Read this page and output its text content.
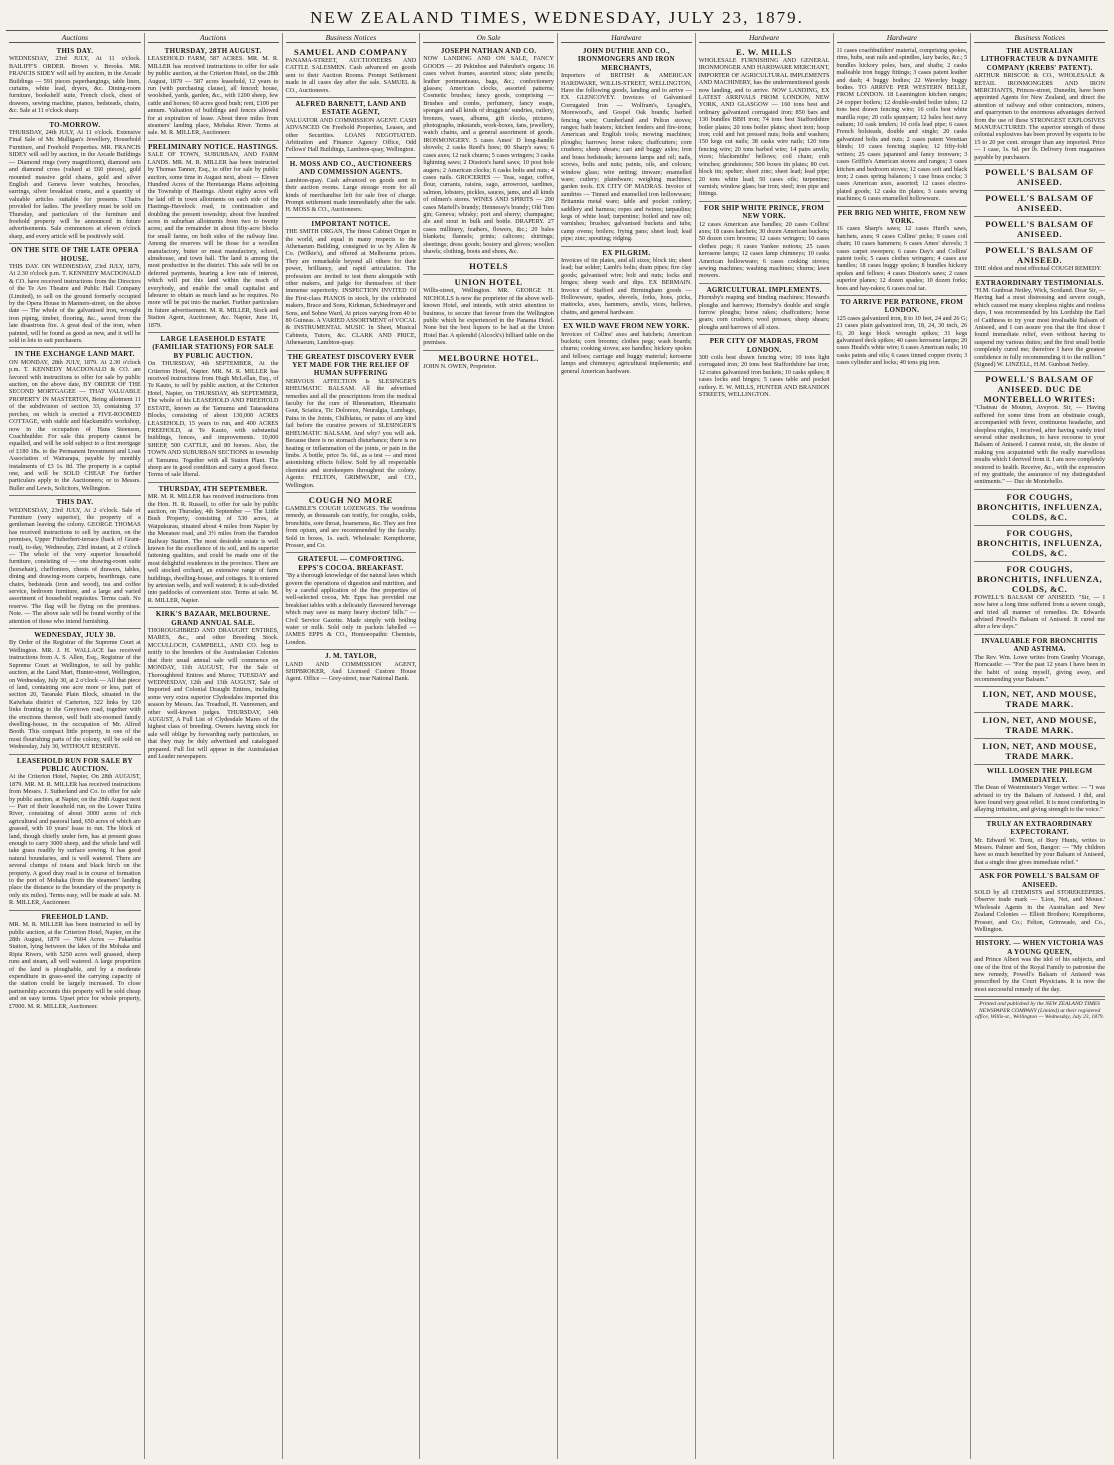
NEW ZEALAND TIMES, WEDNESDAY, JULY 23, 1879.
Auctions
THIS DAY.

WEDNESDAY, 23rd JULY, At 11 o'clock. BAILIFF'S ORDER. Brown v. Brooks. MR. FRANCIS SIDEY will sell by auction, in the Arcade Buildings — 591 pieces paperhangings, table linen, curtains, white lead, dryers, &c. Dining-room furniture, bookshelf suite, French clock, chest of drawers, sewing machine, pianos, bedsteads, chairs, &c. Sale at 11 o'clock sharp.

TO-MORROW.

THURSDAY, 24th JULY, At 11 o'clock. Extensive Final Sale of Mr. Mulligan's Jewellery, Household Furniture, and Freehold Properties. MR. FRANCIS SIDEY will sell by auction, in the Arcade Buildings — Diamond rings (very magnificent), diamond sets and diamond cross (valued at £60 pieces), gold mounted massive gold chains, gold and silver English and Geneva lever watches, brooches, earrings, silver breakfast cruets, and a quantity of valuable articles suitable for presents. Chairs provided for ladies. The jewellery must be sold on Thursday, and particulars of the furniture and freehold property will be announced in future advertisements. Sale commences at eleven o'clock sharp, and every article will be positively sold.

ON THE SITE OF THE LATE OPERA HOUSE.

THIS DAY. ON WEDNESDAY, 23rd JULY, 1879, At 2.30 o'clock p.m. T. KENNEDY MACDONALD & CO. have received instructions from the Directors of the Te Aro Theatre and Public Hall Company (Limited), to sell on the ground formerly occupied by the Opera House in Manners-street, on the above date — The whole of the galvanised iron, wrought iron piping, timber, flooring, &c., saved from the late disastrous fire. A great deal of the iron, when painted, will be found as good as new, and it will be sold in lots to suit purchasers.

IN THE EXCHANGE LAND MART.

ON MONDAY, 28th JULY, 1879. At 2.30 o'clock p.m. T. KENNEDY MACDONALD & CO. are favored with instructions to offer for sale by public auction, on the above date, BY ORDER OF THE SECOND MORTGAGEE — THAT VALUABLE PROPERTY IN MASTERTON, Being allotment 11 of the subdivision of section 33, containing 37 perches, on which is erected a FIVE-ROOMED COTTAGE, with stable and blacksmith's workshop, now in the occupation of Hans Steenson, Coachbuilder. For sale this property cannot be equalled, and will be sold subject to a first mortgage of £180 18s. to the Permanent Investment and Loan Association of Wairarapa, payable by monthly instalments of £3 1s. 8d. The property is a capital one, and will be SOLD CHEAP. For further particulars apply to the Auctioneers; or to Messrs. Buller and Lewis, Solicitors, Wellington.

THIS DAY.

WEDNESDAY, 23rd JULY, At 2 o'clock. Sale of Furniture (very superior), the property of a gentleman leaving the colony. GEORGE THOMAS has received instructions to sell by auction, on the premises, Upper Fitzherbert-terrace (back of Grant-road), to-day, Wednesday, 23rd instant, at 2 o'clock — The whole of the very superior household furniture, consisting of — one drawing-room suite (horsehair), cheffoniers, chests of drawers, tables, dining and drawing-room carpets, hearthrugs, cane chairs, bedsteads (iron and wood), tea and coffee service, bedroom furniture, and a large and varied assortment of household requisites. Terms cash. No reserve. The flag will be flying on the premises. Note. — The above sale will be found worthy of the attention of those who intend furnishing.

WEDNESDAY, JULY 30.

By Order of the Registrar of the Supreme Court at Wellington. MR. J. H. WALLACE has received instructions from A. S. Allen, Esq., Registrar of the Supreme Court at Wellington, to sell by public auction, at the Land Mart, Hunter-street, Wellington, on Wednesday, July 30, at 2 o'clock — All that piece of land, containing one acre more or less, part of section 20, Taranaki Plain Block, situated in the Kaiwhata district of Carterton, 322 links by 120 links fronting to the Greytown road, together with the erections thereon, well built six-roomed family dwelling-house, in the occupation of Mr. Alfred Booth. This compact little property, in one of the most flourishing parts of the colony, will be sold on Wednesday, July 30, WITHOUT RESERVE.

LEASEHOLD RUN FOR SALE BY PUBLIC AUCTION.

At the Criterion Hotel, Napier, On 28th AUGUST, 1879. MR. M. R. MILLER has received instructions from Messrs. J. Sutherland and Co. to offer for sale by public auction, at Napier, on the 28th August next — Part of their leasehold run, on the Lower Tutira River, consisting of about 3000 acres of rich agricultural and pastoral land, 650 acres of which are grassed, with 10 years' lease to run. The block of land, though chiefly under fern, has at present grass enough to carry 3000 sheep, and the whole land will take grass readily by surface sowing. It has good natural boundaries, and is well watered. There are several clumps of totara and black birch on the property. A good dray road is in course of formation to the port of Mohaka (from the steamers' landing place the distance to the boundary of the property is only six miles). Terms easy, will be made at sale. M. R. MILLER, Auctioneer.

FREEHOLD LAND.

MR. M. R. MILLER has been instructed to sell by public auction, at the Criterion Hotel, Napier, on the 28th August, 1879 — 7604 Acres — Pakaehia Station, lying between the lakes of the Mohaka and Ripia Rivers, with 5250 acres well grassed, sheep runs and steam, all well watered. A large proportion of the land is ploughable, and by a moderate expenditure in grass-seed the carrying capacity of the station could be largely increased. To close partnership accounts this property will be sold cheap and on easy terms. Upset price for whole property, £7000. M. R. MILLER, Auctioneer.

Auctions
THURSDAY, 28TH AUGUST.

LEASEHOLD FARM, 587 ACRES. MR. M. R. MILLER has received instructions to offer for sale by public auction, at the Criterion Hotel, on the 28th August, 1879 — 587 acres leasehold, 12 years to run (with purchasing clause), all fenced; house, woolshed, yards, garden, &c., with 1200 sheep, few cattle and horses; 60 acres good bush; rent, £100 per annum. Valuation of buildings and fences allowed for at expiration of lease. About three miles from steamers' landing place, Mohaka River. Terms at sale. M. R. MILLER, Auctioneer.

PRELIMINARY NOTICE. HASTINGS.

SALE OF TOWN, SUBURBAN, AND FARM LANDS. MR. M. R. MILLER has been instructed by Thomas Tanner, Esq., to offer for sale by public auction, some time in August next, about — Eleven Hundred Acres of the Heretaunga Plains adjoining the Township of Hastings. About eighty acres will be laid off in town allotments on each side of the Hastings-Havelock road, in continuation and doubling the present township; about five hundred acres in suburban allotments from two to twenty acres; and the remainder in about fifty-acre blocks for small farms, on both sides of the railway line. Among the reserves will be those for a woollen manufactory, butter or meat manufactory, school, almshouse, and town hall. The land is among the most productive in the district. This sale will be on deferred payments, bearing a low rate of interest, which will put this land within the reach of everybody, and enable the small capitalist and labourer to obtain as much land as he requires. No more will be put into the market. Further particulars in future advertisement. M. R. MILLER, Stock and Station Agent, Auctioneer, &c. Napier, June 16, 1879.

LARGE LEASEHOLD ESTATE (FAMILIAR STATIONS) FOR SALE BY PUBLIC AUCTION.

On THURSDAY, 4th SEPTEMBER, At the Criterion Hotel, Napier. MR. M. R. MILLER has received instructions from Hugh McLellan, Esq., of Te Kauto, to sell by public auction, at the Criterion Hotel, Napier, on THURSDAY, 4th SEPTEMBER, The whole of his LEASEHOLD AND FREEHOLD ESTATE, known as the Tamumu and Tataraakina Blocks, consisting of about 130,000 ACRES LEASEHOLD, 15 years to run, and 400 ACRES FREEHOLD, at Te Kauto, with substantial buildings, fences, and improvements. 10,000 SHEEP, 500 CATTLE, and 80 horses. Also, the TOWN AND SUBURBAN SECTIONS in township of Tamumu. Together with all Station Plant. The sheep are in good condition and carry a good fleece. Terms of sale liberal.

THURSDAY, 4TH SEPTEMBER.

MR. M. R. MILLER has received instructions from the Hon. H. R. Russell, to offer for sale by public auction, on Thursday, 4th September — The Little Bush Property, consisting of 530 acres, at Waipukurau, situated about 4 miles from Napier by the Meeanee road, and 3½ miles from the Farndon Railway Station. The most desirable estate is well known for the excellence of its soil, and its superior fattening qualities, and could be made one of the most delightful residences in the province. There are well stocked orchard, an extensive range of farm buildings, dwelling-house, and cottages. It is entered by artesian wells, and well watered; it is sub-divided into paddocks of convenient size. Terms at sale. M. R. MILLER, Napier.

KIRK'S BAZAAR, MELBOURNE. GRAND ANNUAL SALE.

THOROUGHBRED AND DRAUGHT ENTIRES, MARES, &c., and other Breeding Stock. MCCULLOCH, CAMPBELL, AND CO. beg to notify to the breeders of the Australasian Colonies that their usual annual sale will commence on MONDAY, 11th AUGUST, For the Sale of Thoroughbred Entires and Mares; TUESDAY and WEDNESDAY, 12th and 13th AUGUST, Sale of Imported and Colonial Draught Entires, including some very extra superior Clydesdales imported this season by Messrs. Jas. Treadrail, H. Vanreenen, and other well-known judges. THURSDAY, 14th AUGUST, A Full List of Clydesdale Mares of the highest class of breeding. Owners having stock for sale will oblige by forwarding early particulars, so that they may be duly advertised and catalogued prepared. Full list will appear in the Australasian and Leader newspapers.

Business Notices
SAMUEL AND COMPANY

PANAMA-STREET, AUCTIONEERS AND CATTLE SALESMEN. Cash advanced on goods sent to their Auction Rooms. Prompt Settlement made in all cases day after the sale. SAMUEL & CO., Auctioneers.

ALFRED BARNETT, LAND AND ESTATE AGENT,

VALUATOR AND COMMISSION AGENT. CASH ADVANCED On Freehold Properties, Leases, and other Securities. LOANS NEGOTIATED. Arbitration and Finance Agency Office, Odd Fellows' Hall Buildings, Lambton-quay, Wellington.

H. MOSS AND CO., AUCTIONEERS AND COMMISSION AGENTS.

Lambton-quay. Cash advanced on goods sent to their auction rooms. Large storage room for all kinds of merchandise left for sale free of charge. Prompt settlement made immediately after the sale. H. MOSS & CO., Auctioneers.

IMPORTANT NOTICE.

THE SMITH ORGAN, The finest Cabinet Organ in the world, and equal in many respects to the Athenaeum Building, consigned to us by Allen & Co. (Wilkie's), and offered at Melbourne prices. They are remarkable beyond all others for their power, brilliancy, and rapid articulation. The profession are invited to test them alongside with other makers, and judge for themselves of their immense superiority. INSPECTION INVITED Of the First-class PIANOS in stock, by the celebrated makers, Brace and Sons, Kirkman, Schiedmayer and Sons, and Sohne Ward, At prices varying from 40 to 80 Guineas. A VARIED ASSORTMENT of VOCAL & INSTRUMENTAL MUSIC In Sheet, Musical Cabinets, Tutors, &c. CLARK AND PRICE, Athenaeum, Lambton-quay.

THE GREATEST DISCOVERY EVER YET MADE FOR THE RELIEF OF HUMAN SUFFERING

NERVOUS AFFECTION is SLESINGER'S RHEUMATIC BALSAM. All the advertised remedies and all the prescriptions from the medical faculty for the cure of Rheumatism, Rheumatic Gout, Sciatica, Tic Doloreux, Neuralgia, Lumbago, Pains in the Joints, Chilblains, or pains of any kind fail before the curative powers of SLESINGER'S RHEUMATIC BALSAM. And why? you will ask. Because there is no stomach disturbance; there is no heating or inflammation of the joints, or pain in the limbs. A bottle, price 5s. 6d., as a test — and most astonishing effects follow. Sold by all respectable chemists and storekeepers throughout the colony. Agents: FELTON, GRIMWADE, and CO., Wellington.

COUGH NO MORE

GAMBLE'S COUGH LOZENGES. The wondrous remedy, as thousands can testify, for coughs, colds, bronchitis, sore throat, hoarseness, &c. They are free from opium, and are recommended by the faculty. Sold in boxes, 1s. each. Wholesale: Kempthorne, Prosser, and Co.

GRATEFUL — COMFORTING. EPPS'S COCOA. BREAKFAST.

"By a thorough knowledge of the natural laws which govern the operations of digestion and nutrition, and by a careful application of the fine properties of well-selected cocoa, Mr. Epps has provided our breakfast tables with a delicately flavoured beverage which may save us many heavy doctors' bills." — Civil Service Gazette. Made simply with boiling water or milk. Sold only in packets labelled — JAMES EPPS & CO., Homoeopathic Chemists, London.

J. M. TAYLOR,

LAND AND COMMISSION AGENT, SHIPBROKER, And Licensed Custom House Agent. Office — Grey-street, near National Bank.

On Sale
JOSEPH NATHAN AND CO.

NOW LANDING AND ON SALE, FANCY GOODS — 20 Pekinhoe and Pahrubet's organs; 16 cases velvet frames, assorted sizes; slate pencils; leather portmanteaus, bags, &c.; confectionery glasses; American clocks, assorted patterns; Cosmetic brushes; fancy goods, comprising — Brushes and combs, perfumery, fancy soaps, sponges and all kinds of druggists' sundries, cutlery, bronzes, vases, albums, gift clocks, pictures, photographs, inkstands, work-boxes, fans, jewellery, watch chains, and a general assortment of goods. IRONMONGERY. 5 cases Ames' D long-handle shovels; 2 casks Reed's hoes; 80 Sharp's saws; 6 cases axes; 12 rack churns; 5 cases wringers; 3 casks lightning saws; 2 Disston's hand saws; 10 post hole augers; 2 American clocks; 6 casks bolts and nuts; 4 cases nails. GROCERIES — Teas, sugar, coffee, flour, currants, raisins, sago, arrowroot, sardines, salmon, lobsters, pickles, sauces, jams, and all kinds of oilmen's stores. WINES AND SPIRITS — 200 cases Martell's brandy; Hennessy's brandy; Old Tom gin; Geneva; whisky; port and sherry; champagne; ale and stout in bulk and bottle. DRAPERY. 27 cases millinery, feathers, flowers, &c.; 20 bales blankets; flannels; prints; calicoes; shirtings; sheetings; dress goods; hosiery and gloves; woollen shawls; clothing, boots and shoes, &c.

HOTELS
UNION HOTEL

Willis-street, Wellington. MR. GEORGE H. NICHOLLS is now the proprietor of the above well-known Hotel, and intends, with strict attention to business, to secure that favour from the Wellington public which he experienced in the Panama Hotel. None but the best liquors to be had at the Union Hotel Bar. A splendid (Alcock's) billiard table on the premises.

MELBOURNE HOTEL.

JOHN N. OWEN, Proprietor.

Hardware
JOHN DUTHIE AND CO., IRONMONGERS AND IRON MERCHANTS,

Importers of BRITISH & AMERICAN HARDWARE, WILLIS-STREET, WELLINGTON, Have the following goods, landing and to arrive — EX GLENCOVEY. Invoices of Galvanised Corrugated Iron — Wolfram's, Lysaght's, Morewood's, and Gospel Oak brands; barbed fencing wire; Cumberland and Pelton stoves; ranges; bath heaters; kitchen fenders and fire-irons; American and English tools; mowing machines; ploughs; harrows; horse rakes; chaffcutters; corn crushers; sheep shears; cart and buggy axles; iron and brass bedsteads; kerosene lamps and oil; nails, screws, bolts and nuts; paints, oils, and colours; window glass; wire netting; tinware; enamelled ware; cutlery; platedware; weighing machines; garden tools. EX CITY OF MADRAS. Invoice of sundries — Tinned and enamelled iron hollowware; Britannia metal ware; table and pocket cutlery; saddlery and harness; ropes and twines; tarpaulins; kegs of white lead; turpentine; boiled and raw oil; varnishes; brushes; galvanised buckets and tubs; camp ovens; boilers; frying pans; sheet lead; lead pipe; zinc; spouting; ridging.

EX PILGRIM.

Invoices of tin plates, and all sizes; block tin; sheet lead; bar solder; Lamb's bolts; drain pipes; fire clay goods; galvanised wire; bolt and nuts; locks and hinges; sheep wash and dips. EX BERMAIN. Invoice of Stafford and Birmingham goods — Hollowware, spades, shovels, forks, hoes, picks, mattocks, axes, hammers, anvils, vices, bellows, chains, and general hardware.

EX WILD WAVE FROM NEW YORK.

Invoices of Collins' axes and hatchets; American buckets; corn brooms; clothes pegs; wash boards; churns; cooking stoves; axe handles; hickory spokes and felloes; carriage and buggy material; kerosene lamps and chimneys; agricultural implements; and general American hardware.

Hardware
E. W. MILLS

WHOLESALE FURNISHING AND GENERAL IRONMONGER AND HARDWARE MERCHANT, IMPORTER OF AGRICULTURAL IMPLEMENTS AND MACHINERY, has the undermentioned goods now landing, and to arrive. NOW LANDING, EX LATEST ARRIVALS FROM LONDON, NEW YORK, AND GLASGOW — 160 tons best and ordinary galvanized corrugated iron; 850 bars and 130 bundles BBH iron; 74 tons best Staffordshire boiler plates; 20 tons boiler plates; sheet iron; hoop iron; cold and hot pressed nuts; bolts and washers; 150 kegs cut nails; 38 casks wire nails; 120 tons fencing wire; 20 tons barbed wire; 14 pairs anvils; vices; blacksmiths' bellows; coil chain; crab winches; grindstones; 500 boxes tin plates; 80 cwt. block tin; spelter; sheet zinc; sheet lead; lead pipe; 20 tons white lead; 50 cases oils; turpentine; varnish; window glass; bar iron; steel; iron pipe and fittings.

FOR SHIP WHITE PRINCE, FROM NEW YORK.

12 cases American axe handles; 20 cases Collins' axes; 18 cases hatchets; 30 dozen American buckets; 50 dozen corn brooms; 12 cases wringers; 10 cases clothes pegs; 6 cases Yankee notions; 25 cases kerosene lamps; 12 cases lamp chimneys; 10 casks American hollowware; 6 cases cooking stoves; sewing machines; washing machines; churns; lawn mowers.

AGRICULTURAL IMPLEMENTS.

Hornsby's reaping and binding machines; Howard's ploughs and harrows; Hornsby's double and single furrow ploughs; horse rakes; chaffcutters; horse gears; corn crushers; wool presses; sheep shears; ploughs and harrows of all sizes.

PER CITY OF MADRAS, FROM LONDON.

300 coils best drawn fencing wire; 10 tons light corrugated iron; 20 tons best Staffordshire bar iron; 12 crates galvanized iron buckets; 10 casks spikes; 8 cases locks and hinges; 5 cases table and pocket cutlery. E. W. MILLS, HUNTER AND BRANDON STREETS, WELLINGTON.

Hardware

11 cases coachbuilders' material, comprising spokes, rims, hubs, seat rails and spindles, lazy backs, &c.; 5 bundles hickory poles, bars, and shafts; 2 casks malleable iron buggy fittings; 3 cases patent leather and dash; 4 buggy bodies; 22 Waverley buggy bodies. TO ARRIVE PER WESTERN BELLE, FROM LONDON. 18 Leamington kitchen ranges; 24 copper boilers; 12 double-ended boiler tubes; 12 tons best drawn fencing wire; 16 coils best white manilla rope; 20 coils spunyarn; 12 bales best navy oakum; 10 cask tenders; 10 coils lead pipe; 6 cases French bolsteads, double and single; 20 casks galvanized bolts and nuts; 2 cases patent Venetian blinds; 10 cases fencing staples; 12 fifty-fold writers; 25 cases japanned and fancy ironware; 3 cases Griffin's American stoves and ranges; 3 cases kitchen and bedroom stoves; 12 cases soft and black iron; 2 cases spring balances; 1 case brass cocks; 3 cases American axes, assorted; 12 cases electro-plated goods; 12 casks tin plates; 3 cases sewing machines; 6 cases enamelled hollowware.

PER BRIG NED WHITE, FROM NEW YORK.

16 cases Sharp's saws; 12 cases Hurd's saws, hatchets, axes; 9 cases Collins' picks; 9 cases coil chain; 10 cases hammers; 6 cases Ames' shovels; 3 cases carpet sweepers; 6 cases Day's and Collins' patent tools; 5 cases clothes wringers; 4 cases axe handles; 18 cases buggy spokes; 8 bundles hickory spokes and felloes; 4 cases Disston's saws; 2 cases superior planes; 12 dozen spades; 10 dozen forks; hoes and hay-rakes; 6 cases coal tar.

TO ARRIVE PER PATRONE, FROM LONDON.

125 cases galvanized iron, 8 to 10 feet, 24 and 26 G; 21 cases plain galvanized iron, 18, 24, 30 inch, 26 G; 20 kegs block wrought spikes; 31 kegs galvanised deck spikes; 40 cases kerosene lamps; 20 cases Heald's white wire; 6 cases American nails; 10 casks paints and oils; 6 cases tinned copper rivets; 3 cases cylinder and locks; 40 tons pig iron.

Business Notices
THE AUSTRALIAN LITHOFRACTEUR & DYNAMITE COMPANY (KREBS' PATENT).

ARTHUR BRISCOE & CO., WHOLESALE & RETAIL IRONMONGERS AND IRON MERCHANTS, Princes-street, Dunedin, have been appointed Agents for New Zealand, and direct the attention of railway and other contractors, miners, and quarrymen to the enormous advantages derived from the use of these STRONGEST EXPLOSIVES MANUFACTURED. The superior strength of these colonial explosives has been proved by experts to be 15 to 20 per cent. stronger than any imported. Price — 1 case, 1s. 6d. per lb. Delivery from magazines payable by purchasers.

POWELL'S BALSAM OF ANISEED.
POWELL'S BALSAM OF ANISEED.
POWELL'S BALSAM OF ANISEED.
POWELL'S BALSAM OF ANISEED.

THE oldest and most effectual COUGH REMEDY.

EXTRAORDINARY TESTIMONIALS.

"H.M. Gunboat Netley, Wick, Scotland. Dear Sir, — Having had a most distressing and severe cough, which caused me many sleepless nights and restless days, I was recommended by his Lordship the Earl of Caithness to try your most invaluable Balsam of Aniseed, and I can assure you that the first dose I found immediate relief, even without having to suspend my various duties; and the first small bottle completely cured me; therefore I have the greatest confidence in fully recommending it to the million." (Signed) W. LINZELL, H.M. Gunboat Netley.

POWELL'S BALSAM OF ANISEED. DUC DE MONTEBELLO WRITES:

"Chateau de Mouton, Avsyron. Sir, — Having suffered for some time from an obstinate cough, accompanied with fever, continuous headache, and sleepless nights, I received, after having vainly tried several other medicines, to have recourse to your Balsam of Aniseed. I cannot resist, sir, the desire of making you acquainted with the really marvellous results which I derived from it. I am now completely restored to health. Receive, &c., with the expression of my gratitude, the assurance of my distinguished sentiments." — Duc de Montebello.

FOR COUGHS, BRONCHITIS, INFLUENZA, COLDS, &C.
FOR COUGHS, BRONCHITIS, INFLUENZA, COLDS, &C.
FOR COUGHS, BRONCHITIS, INFLUENZA, COLDS, &C.

POWELL'S BALSAM OF ANISEED. "Sir, — I now have a long time suffered from a severe cough, and tried all manner of remedies. Dr. Edwards advised Powell's Balsam of Aniseed. It cured me after a few days."

INVALUABLE FOR BRONCHITIS AND ASTHMA.

The Rev. Wm. Lowe writes from Granby Vicarage, Horncastle: — "For the past 12 years I have been in the habit of using myself, giving away, and recommending your Balsam."

LION, NET, AND MOUSE, TRADE MARK.
LION, NET, AND MOUSE, TRADE MARK.
LION, NET, AND MOUSE, TRADE MARK.
WILL LOOSEN THE PHLEGM IMMEDIATELY.

The Dean of Westminster's Verger writes: — "I was advised to try the Balsam of Aniseed. I did, and have found very great relief. It is most comforting in allaying irritation, and giving strength to the voice."

TRULY AN EXTRAORDINARY EXPECTORANT.

Mr. Edward W. Trent, of Bury Hunts, writes to Messrs. Palmer and Son, Bangor: — "My children have so much benefited by your Balsam of Aniseed, that a single dose gives immediate relief."

ASK FOR POWELL'S BALSAM OF ANISEED.

SOLD by all CHEMISTS and STOREKEEPERS. Observe trade mark — 'Lion, Net, and Mouse.' Wholesale Agents in the Australian and New Zealand Colonies — Elliott Brothers; Kempthorne, Prosser, and Co.; Felton, Grimwade, and Co., Wellington.

HISTORY. — WHEN VICTORIA WAS A YOUNG QUEEN,

and Prince Albert was the idol of his subjects, and one of the first of the Royal Family to patronise the new remedy, Powell's Balsam of Aniseed was prescribed by the Court Physicians. It is now the most successful remedy of the day.

Printed and published by the NEW ZEALAND TIMES NEWSPAPER COMPANY (Limited) at their registered office, Willis-st., Wellington — Wednesday, July 23, 1879.
